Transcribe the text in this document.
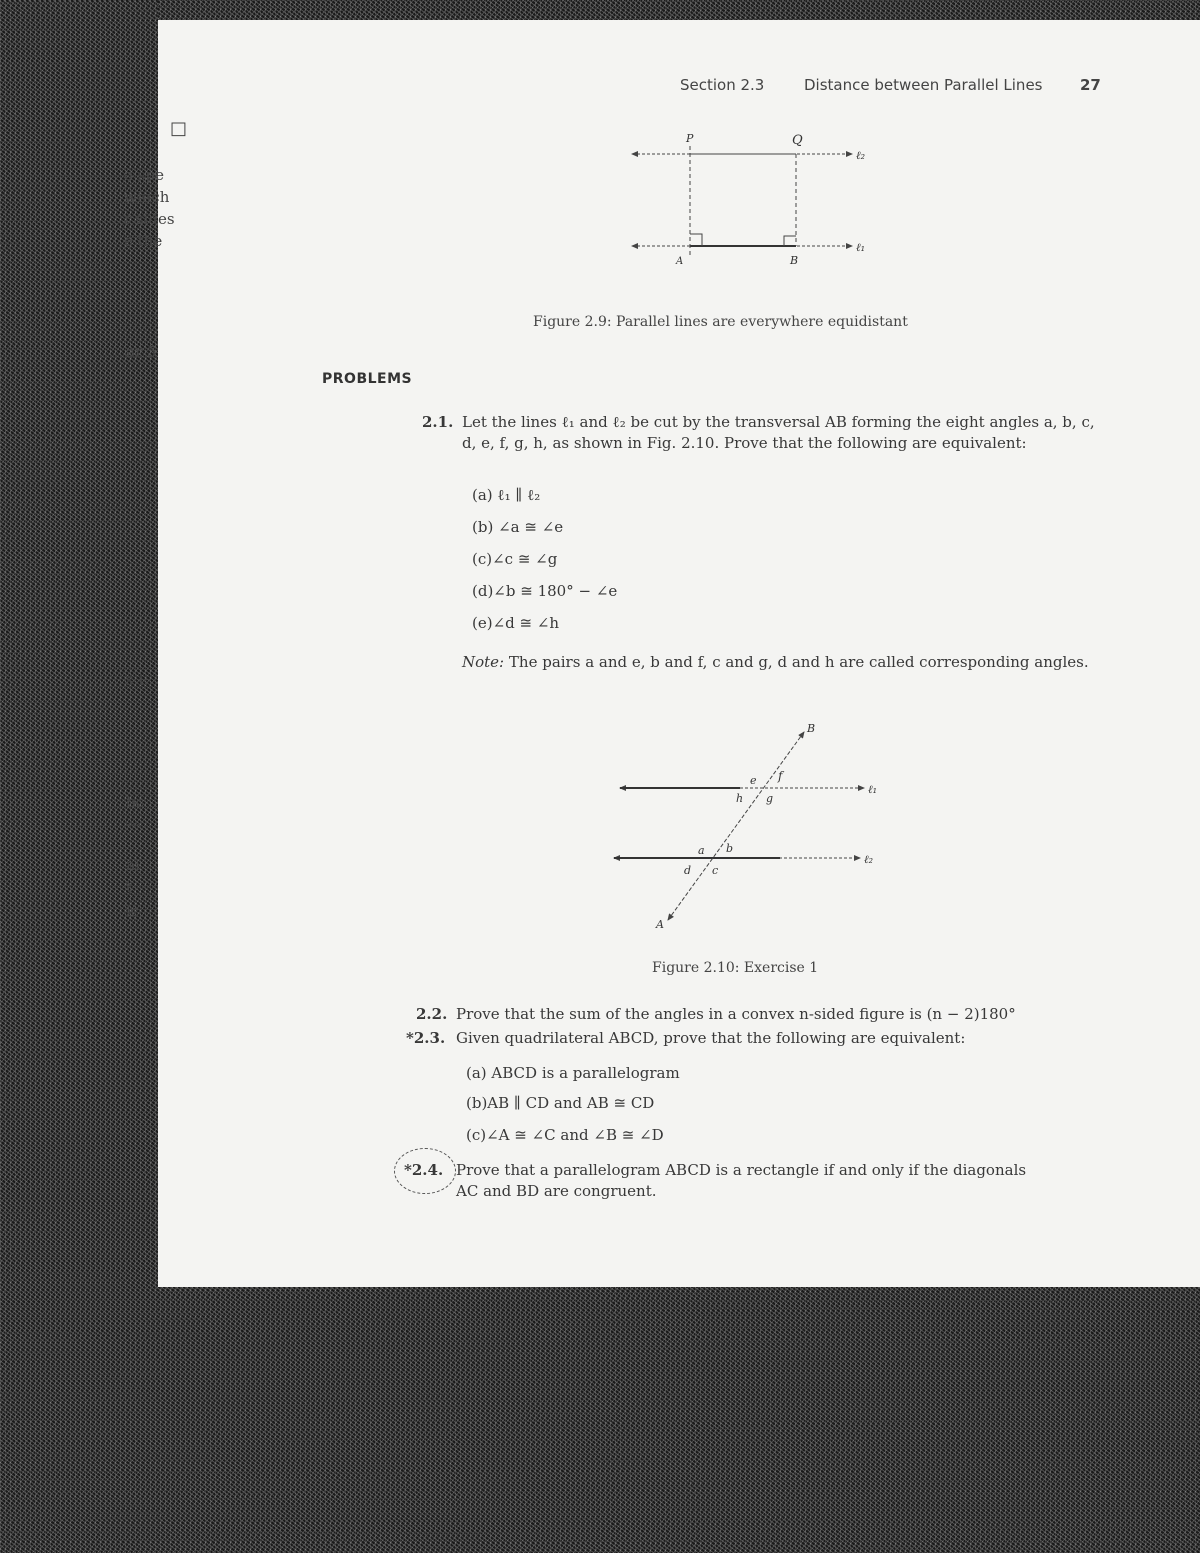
□
o spe
which
r sides
e the
ar 5
s i:
bc
—
al
t
lc
Section 2.3	Distance between Parallel Lines	27
P	Q
A	B
ℓ₂
ℓ₁
Figure 2.9: Parallel lines are everywhere equidistant
PROBLEMS
2.1. Let the lines ℓ₁ and ℓ₂ be cut by the transversal AB forming the eight angles a, b, c, d, e, f, g, h, as shown in Fig. 2.10. Prove that the following are equivalent:
(a) ℓ₁ ∥ ℓ₂
(b) ∠a ≅ ∠e
(c)∠c ≅ ∠g
(d)∠b ≅ 180° − ∠e
(e)∠d ≅ ∠h
Note: The pairs a and e, b and f, c and g, d and h are called corresponding angles.
B
A
ℓ₁
ℓ₂
e f
h g
a b
d c
Figure 2.10: Exercise 1
2.2. Prove that the sum of the angles in a convex n-sided figure is (n − 2)180°
*2.3. Given quadrilateral ABCD, prove that the following are equivalent:
(a) ABCD is a parallelogram
(b)AB ∥ CD and AB ≅ CD
(c)∠A ≅ ∠C and ∠B ≅ ∠D
*2.4. Prove that a parallelogram ABCD is a rectangle if and only if the diagonals
AC and BD are congruent.
